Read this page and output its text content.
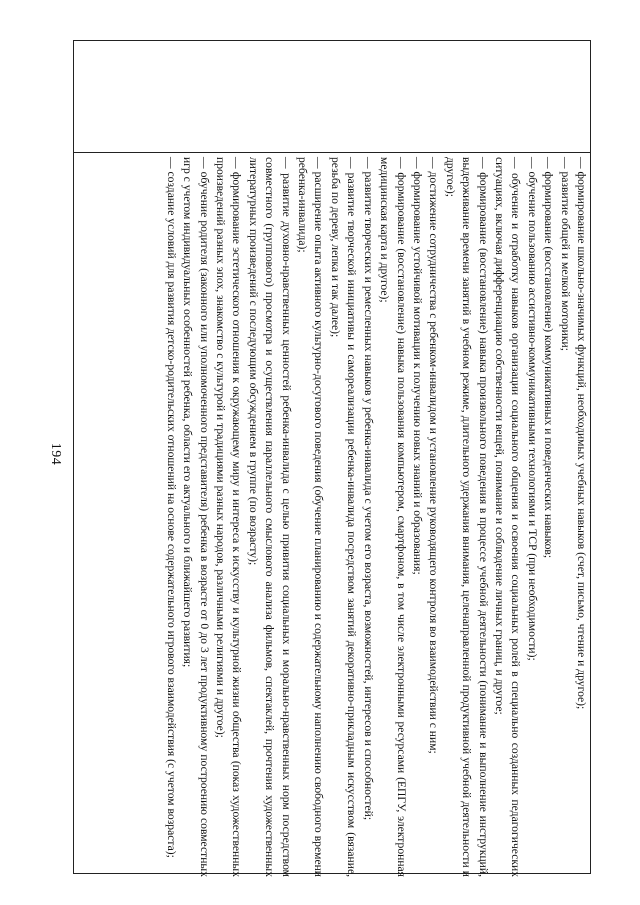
194	— формирование школьно-значимых функций, необходимых учебных навыков (счет, письмо, чтение и другое);

— развитие общей и мелкой моторики;

— формирование (восстановление) коммуникативных и поведенческих навыков;

— обучение пользованию ассистивно-коммуникативными технологиями и ТСР (при необходимости);

— обучение и отработку навыков организации социального общения и освоения социальных ролей в специально созданных педагогических ситуациях, включая дифференциацию собственности вещей, понимание и соблюдение личных границ, и другое;

— формирование (восстановление) навыка произвольного поведения в процессе учебной деятельности (понимание и выполнение инструкций, выдерживание времени занятий в учебном режиме, длительного удержания внимания, целенаправленной продуктивной учебной деятельности и другое);

— достижение сотрудничества с ребенком-инвалидом и установление руководящего контроля во взаимодействии с ним;

— формирование устойчивой мотивации к получению новых знаний и образования;

— формирование (восстановление) навыка пользования компьютером, смартфоном, в том числе электронными ресурсами (ЕПГУ, электронная медицинская карта и другое);

— развитие творческих и ремесленных навыков у ребенка-инвалида с учетом его возраста, возможностей, интересов и способностей;

— развитие творческой инициативы и самореализации ребенка-инвалида посредством занятий декоративно-прикладным искусством (вязание, резьба по дереву, лепка и так далее);

— расширение опыта активного культурно-досугового поведения (обучение планированию и содержательному наполнению свободного времени ребенка-инвалида);

— развитие духовно-нравственных ценностей ребенка-инвалида с целью привития социальных и морально-нравственных норм посредством совместного (группового) просмотра и осуществления параллельного смыслового анализа фильмов, спектаклей, прочтения художественных литературных произведений с последующим обсуждением в группе (по возрасту);

— формирование эстетического отношения к окружающему миру и интереса к искусству и культурной жизни общества (показ художественных произведений разных эпох, знакомство с культурой и традициями разных народов, различными религиями и другое);

— обучение родителя (законного или уполномоченного представителя) ребенка в возрасте от 0 до 3 лет продуктивному построению совместных игр с учетом индивидуальных особенностей ребенка, области его актуального и ближайшего развития;

— создание условий для развития детско-родительских отношений на основе содержательного игрового взаимодействия (с учетом возраста);
